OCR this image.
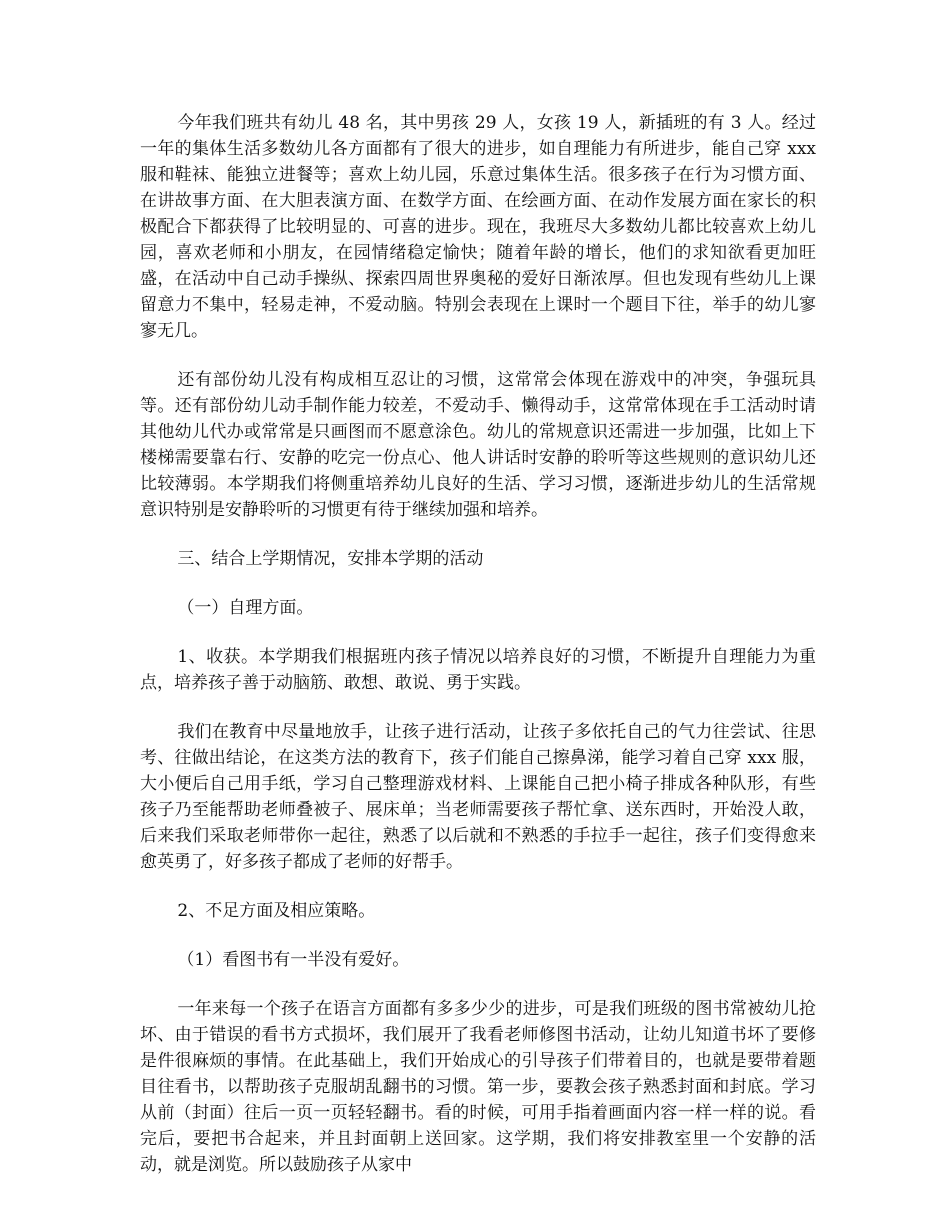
今年我们班共有幼儿 48 名，其中男孩 29 人，女孩 19 人，新插班的有 3 人。经过一年的集体生活多数幼儿各方面都有了很大的进步，如自理能力有所进步，能自己穿 xxx 服和鞋袜、能独立进餐等；喜欢上幼儿园，乐意过集体生活。很多孩子在行为习惯方面、在讲故事方面、在大胆表演方面、在数学方面、在绘画方面、在动作发展方面在家长的积极配合下都获得了比较明显的、可喜的进步。现在，我班尽大多数幼儿都比较喜欢上幼儿园，喜欢老师和小朋友，在园情绪稳定愉快；随着年龄的增长，他们的求知欲看更加旺盛，在活动中自己动手操纵、探索四周世界奥秘的爱好日渐浓厚。但也发现有些幼儿上课留意力不集中，轻易走神，不爱动脑。特别会表现在上课时一个题目下往，举手的幼儿寥寥无几。

还有部份幼儿没有构成相互忍让的习惯，这常常会体现在游戏中的冲突，争强玩具等。还有部份幼儿动手制作能力较差，不爱动手、懒得动手，这常常体现在手工活动时请其他幼儿代办或常常是只画图而不愿意涂色。幼儿的常规意识还需进一步加强，比如上下楼梯需要靠右行、安静的吃完一份点心、他人讲话时安静的聆听等这些规则的意识幼儿还比较薄弱。本学期我们将侧重培养幼儿良好的生活、学习习惯，逐渐进步幼儿的生活常规意识特别是安静聆听的习惯更有待于继续加强和培养。

三、结合上学期情况，安排本学期的活动

（一）自理方面。

1、收获。本学期我们根据班内孩子情况以培养良好的习惯，不断提升自理能力为重点，培养孩子善于动脑筋、敢想、敢说、勇于实践。

我们在教育中尽量地放手，让孩子进行活动，让孩子多依托自己的气力往尝试、往思考、往做出结论，在这类方法的教育下，孩子们能自己擦鼻涕，能学习着自己穿 xxx 服，大小便后自己用手纸，学习自己整理游戏材料、上课能自己把小椅子排成各种队形，有些孩子乃至能帮助老师叠被子、展床单；当老师需要孩子帮忙拿、送东西时，开始没人敢，后来我们采取老师带你一起往，熟悉了以后就和不熟悉的手拉手一起往，孩子们变得愈来愈英勇了，好多孩子都成了老师的好帮手。

2、不足方面及相应策略。

（1）看图书有一半没有爱好。

一年来每一个孩子在语言方面都有多多少少的进步，可是我们班级的图书常被幼儿抢坏、由于错误的看书方式损坏，我们展开了我看老师修图书活动，让幼儿知道书坏了要修是件很麻烦的事情。在此基础上，我们开始成心的引导孩子们带着目的，也就是要带着题目往看书，以帮助孩子克服胡乱翻书的习惯。第一步，要教会孩子熟悉封面和封底。学习从前（封面）往后一页一页轻轻翻书。看的时候，可用手指着画面内容一样一样的说。看完后，要把书合起来，并且封面朝上送回家。这学期，我们将安排教室里一个安静的活动，就是浏览。所以鼓励孩子从家中
